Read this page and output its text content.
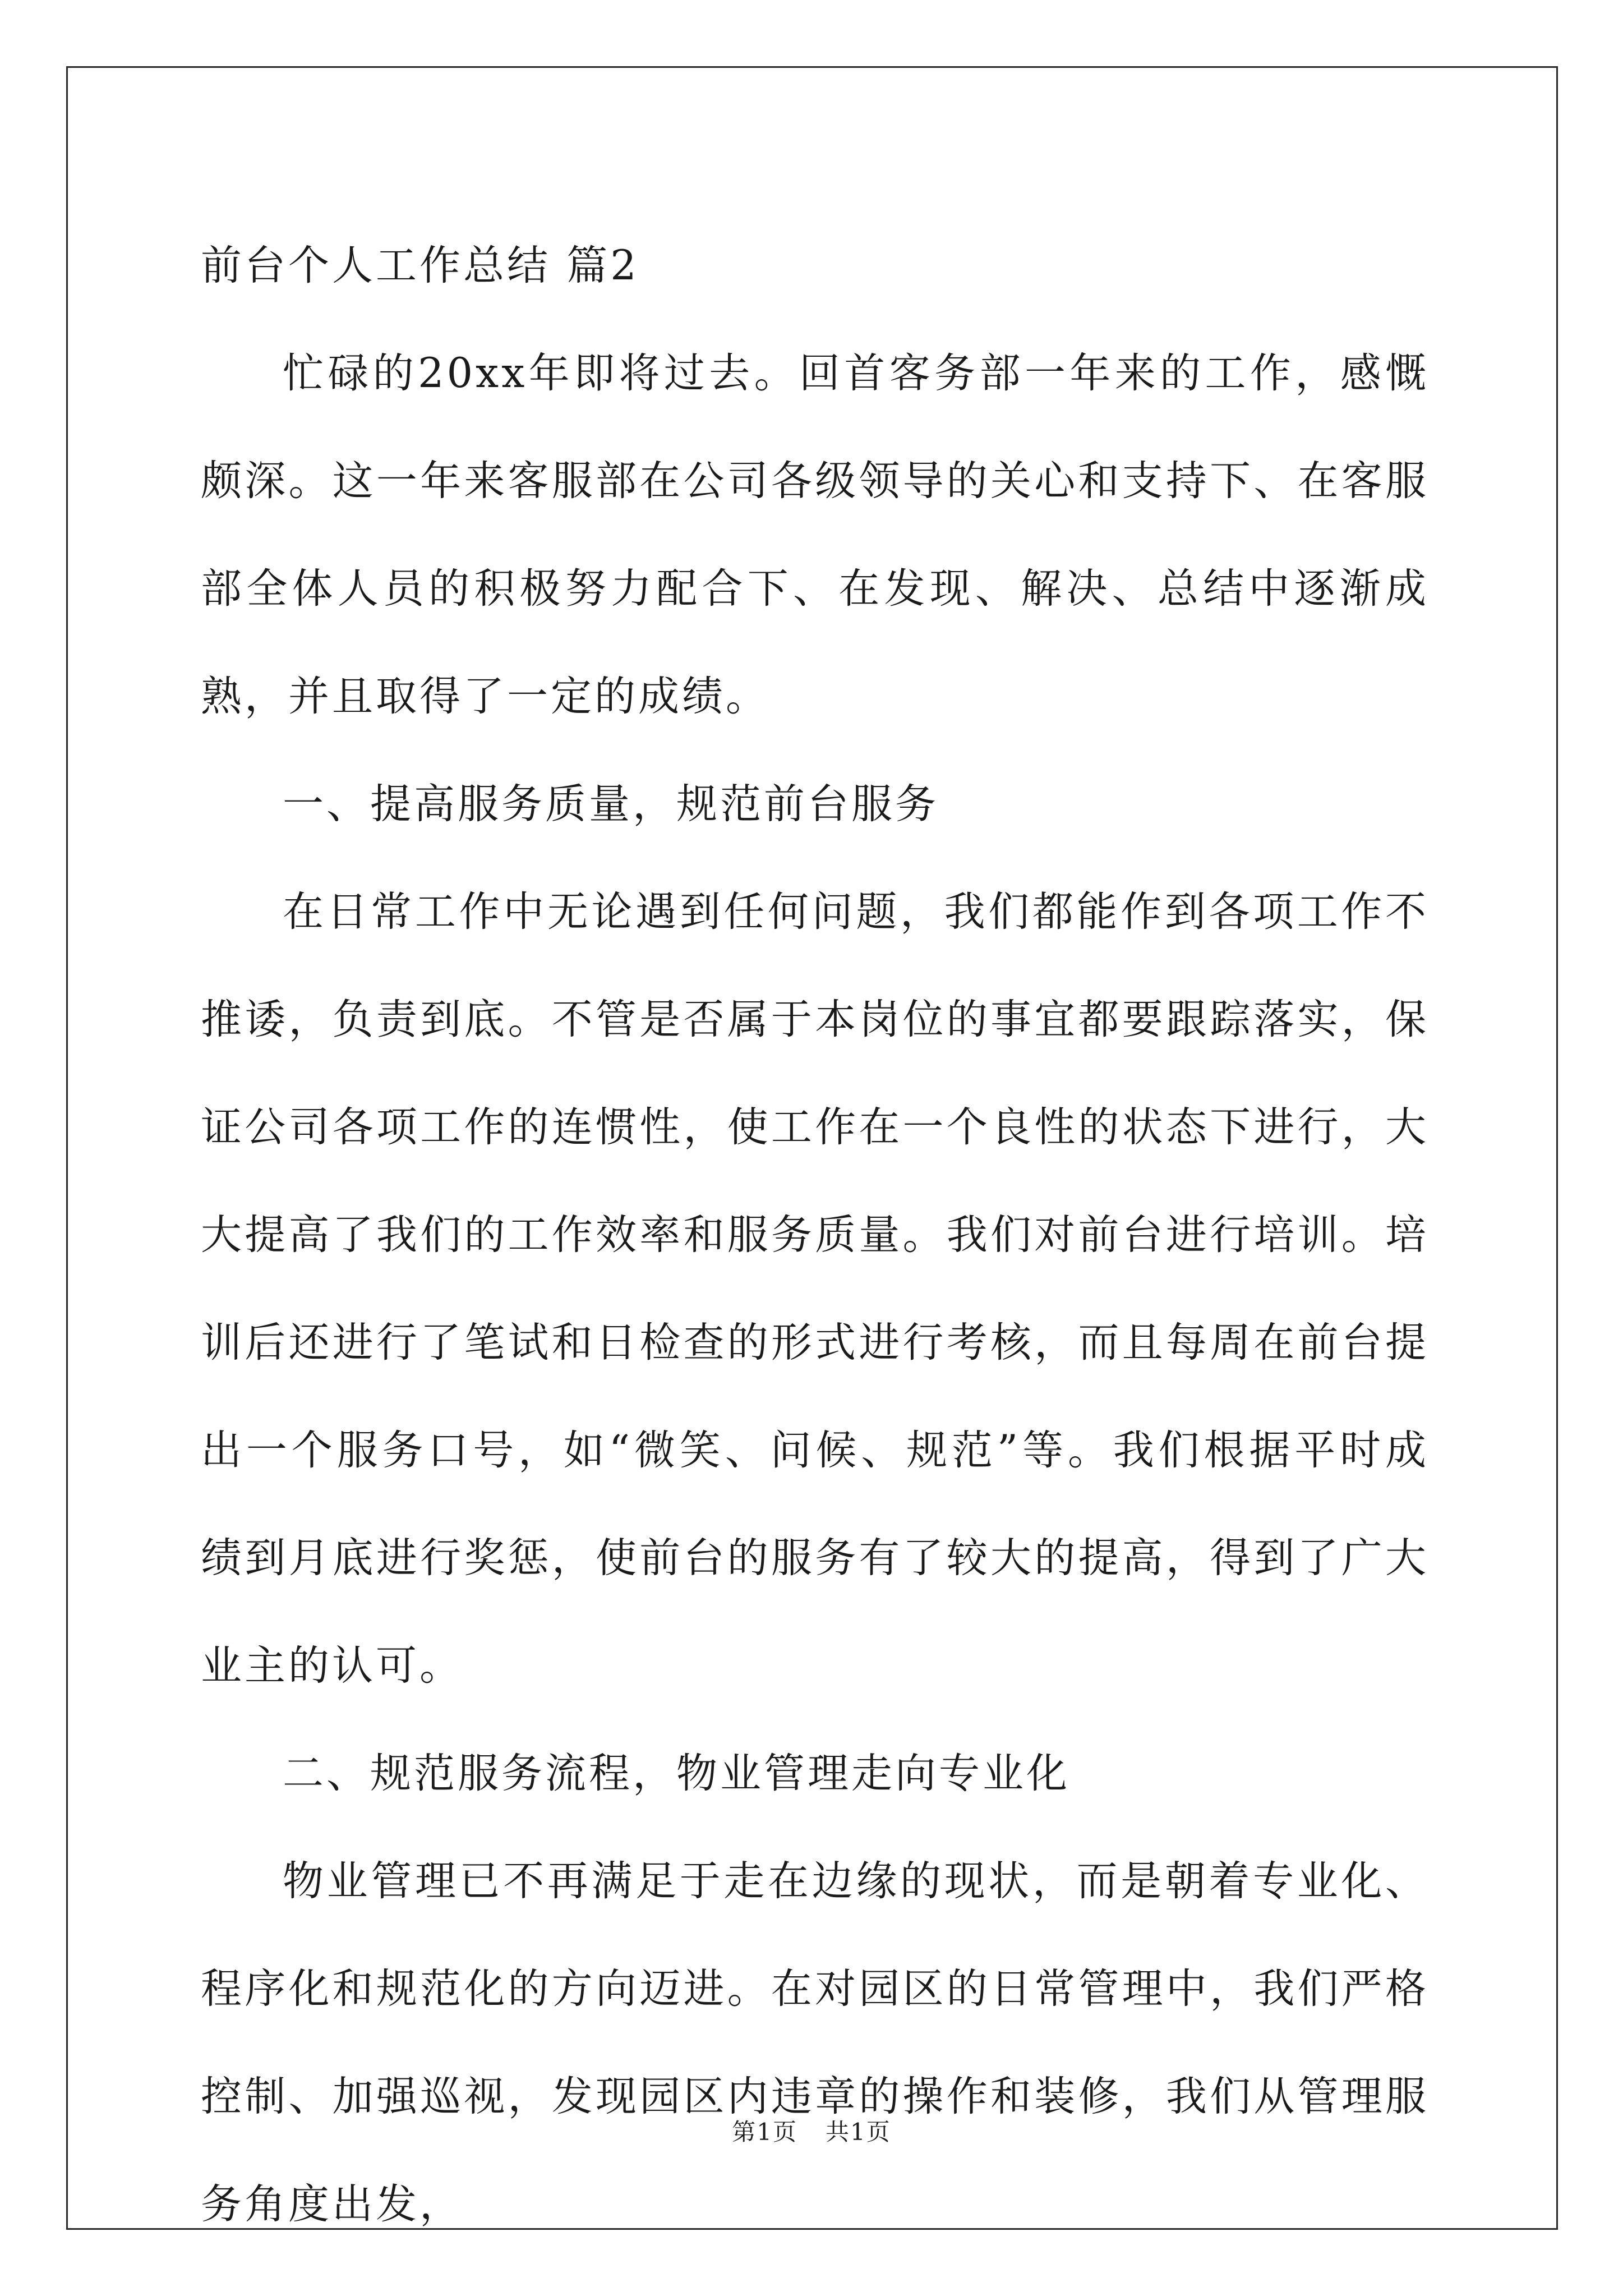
前台个人工作总结 篇2

忙碌的20xx年即将过去。回首客务部一年来的工作，感慨颇深。这一年来客服部在公司各级领导的关心和支持下、在客服部全体人员的积极努力配合下、在发现、解决、总结中逐渐成熟，并且取得了一定的成绩。

一、提高服务质量，规范前台服务

在日常工作中无论遇到任何问题，我们都能作到各项工作不推诿，负责到底。不管是否属于本岗位的事宜都要跟踪落实，保证公司各项工作的连惯性，使工作在一个良性的状态下进行，大大提高了我们的工作效率和服务质量。我们对前台进行培训。培训后还进行了笔试和日检查的形式进行考核，而且每周在前台提出一个服务口号，如“微笑、问候、规范”等。我们根据平时成绩到月底进行奖惩，使前台的服务有了较大的提高，得到了广大业主的认可。

二、规范服务流程，物业管理走向专业化

物业管理已不再满足于走在边缘的现状，而是朝着专业化、程序化和规范化的方向迈进。在对园区的日常管理中，我们严格控制、加强巡视，发现园区内违章的操作和装修，我们从管理服务角度出发，

第1页 共1页
